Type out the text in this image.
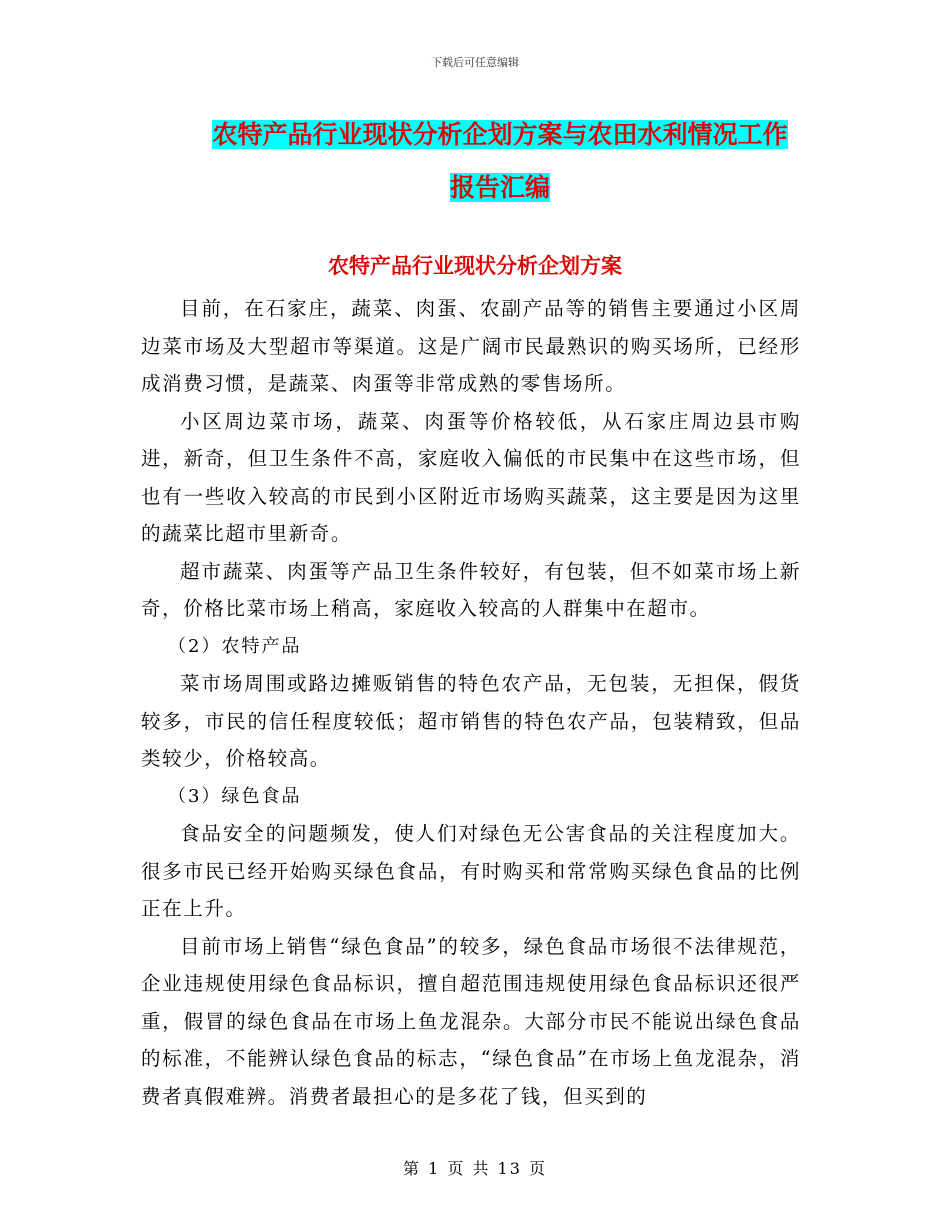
下载后可任意编辑
农特产品行业现状分析企划方案与农田水利情况工作
报告汇编
农特产品行业现状分析企划方案

目前，在石家庄，蔬菜、肉蛋、农副产品等的销售主要通过小区周边菜市场及大型超市等渠道。这是广阔市民最熟识的购买场所，已经形成消费习惯，是蔬菜、肉蛋等非常成熟的零售场所。

小区周边菜市场，蔬菜、肉蛋等价格较低，从石家庄周边县市购进，新奇，但卫生条件不高，家庭收入偏低的市民集中在这些市场，但也有一些收入较高的市民到小区附近市场购买蔬菜，这主要是因为这里的蔬菜比超市里新奇。

超市蔬菜、肉蛋等产品卫生条件较好，有包装，但不如菜市场上新奇，价格比菜市场上稍高，家庭收入较高的人群集中在超市。

（2）农特产品

菜市场周围或路边摊贩销售的特色农产品，无包装，无担保，假货较多，市民的信任程度较低；超市销售的特色农产品，包装精致，但品类较少，价格较高。

（3）绿色食品

食品安全的问题频发，使人们对绿色无公害食品的关注程度加大。很多市民已经开始购买绿色食品，有时购买和常常购买绿色食品的比例正在上升。

目前市场上销售“绿色食品”的较多，绿色食品市场很不法律规范，企业违规使用绿色食品标识，擅自超范围违规使用绿色食品标识还很严重，假冒的绿色食品在市场上鱼龙混杂。大部分市民不能说出绿色食品的标准，不能辨认绿色食品的标志，“绿色食品”在市场上鱼龙混杂，消费者真假难辨。消费者最担心的是多花了钱，但买到的

第 1 页 共 13 页
